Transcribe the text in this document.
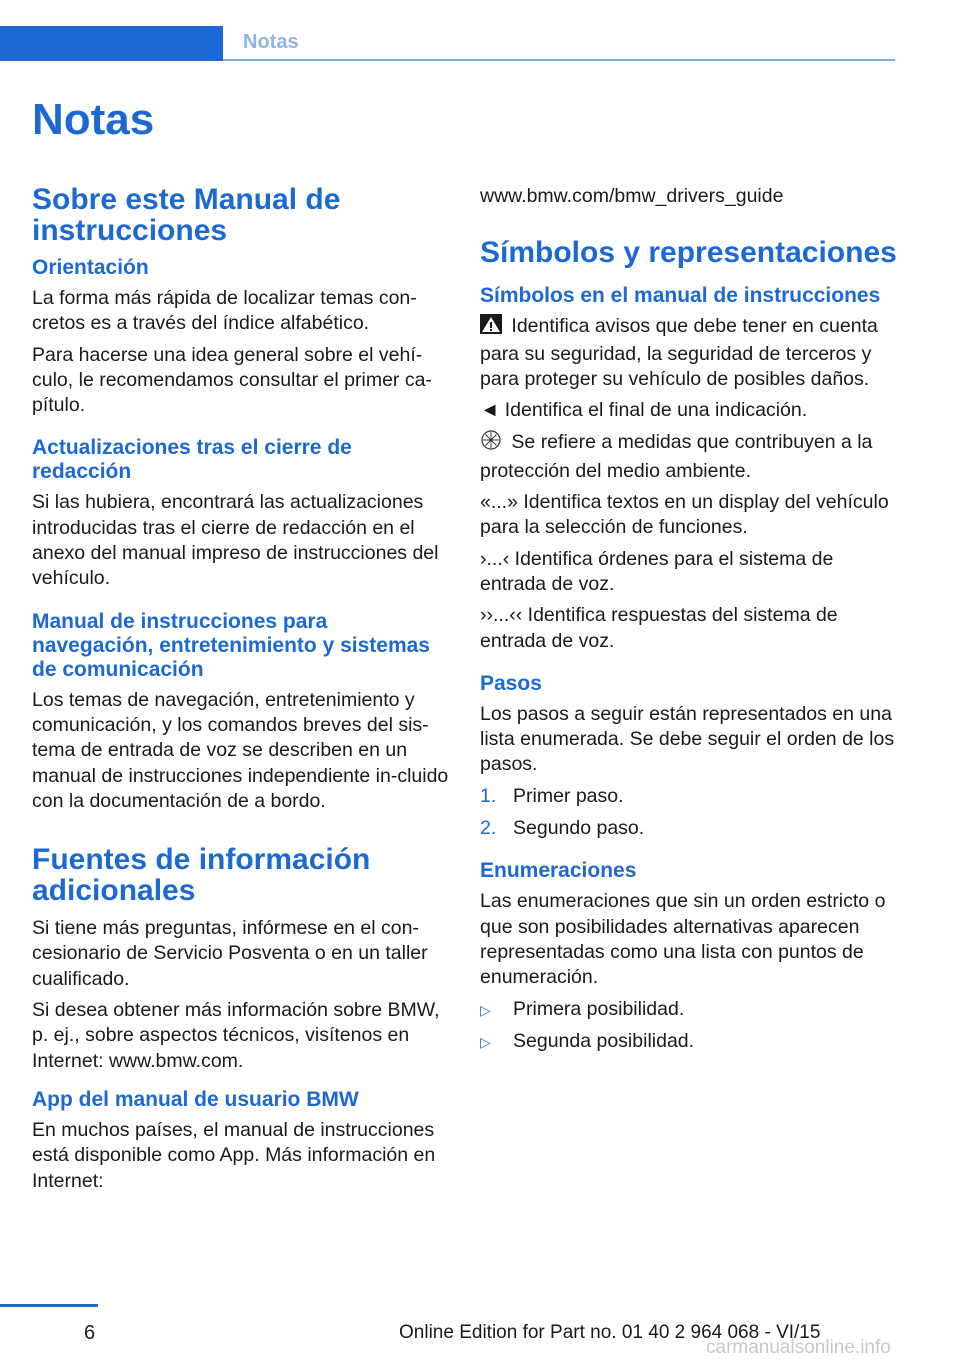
Notas
Notas
Sobre este Manual de instrucciones
Orientación

La forma más rápida de localizar temas con-cretos es a través del índice alfabético.

Para hacerse una idea general sobre el vehí-culo, le recomendamos consultar el primer ca-pítulo.

Actualizaciones tras el cierre de redacción

Si las hubiera, encontrará las actualizaciones introducidas tras el cierre de redacción en el anexo del manual impreso de instrucciones del vehículo.

Manual de instrucciones para navegación, entretenimiento y sistemas de comunicación

Los temas de navegación, entretenimiento y comunicación, y los comandos breves del sis-tema de entrada de voz se describen en un manual de instrucciones independiente in-cluido con la documentación de a bordo.

Fuentes de información adicionales

Si tiene más preguntas, infórmese en el con-cesionario de Servicio Posventa o en un taller cualificado.

Si desea obtener más información sobre BMW, p. ej., sobre aspectos técnicos, visítenos en Internet: www.bmw.com.

App del manual de usuario BMW

En muchos países, el manual de instrucciones está disponible como App. Más información en Internet:

www.bmw.com/bmw_drivers_guide

Símbolos y representaciones
Símbolos en el manual de instrucciones

Identifica avisos que debe tener en cuenta para su seguridad, la seguridad de terceros y para proteger su vehículo de posibles daños.

◄ Identifica el final de una indicación.

Se refiere a medidas que contribuyen a la protección del medio ambiente.

«...» Identifica textos en un display del vehículo para la selección de funciones.

›...‹ Identifica órdenes para el sistema de entrada de voz.

››...‹‹ Identifica respuestas del sistema de entrada de voz.

Pasos

Los pasos a seguir están representados en una lista enumerada. Se debe seguir el orden de los pasos.

1. Primer paso.
2. Segundo paso.
Enumeraciones

Las enumeraciones que sin un orden estricto o que son posibilidades alternativas aparecen representadas como una lista con puntos de enumeración.

▷ Primera posibilidad.
▷ Segunda posibilidad.
6	Online Edition for Part no. 01 40 2 964 068 - VI/15
carmanualsonline.info
